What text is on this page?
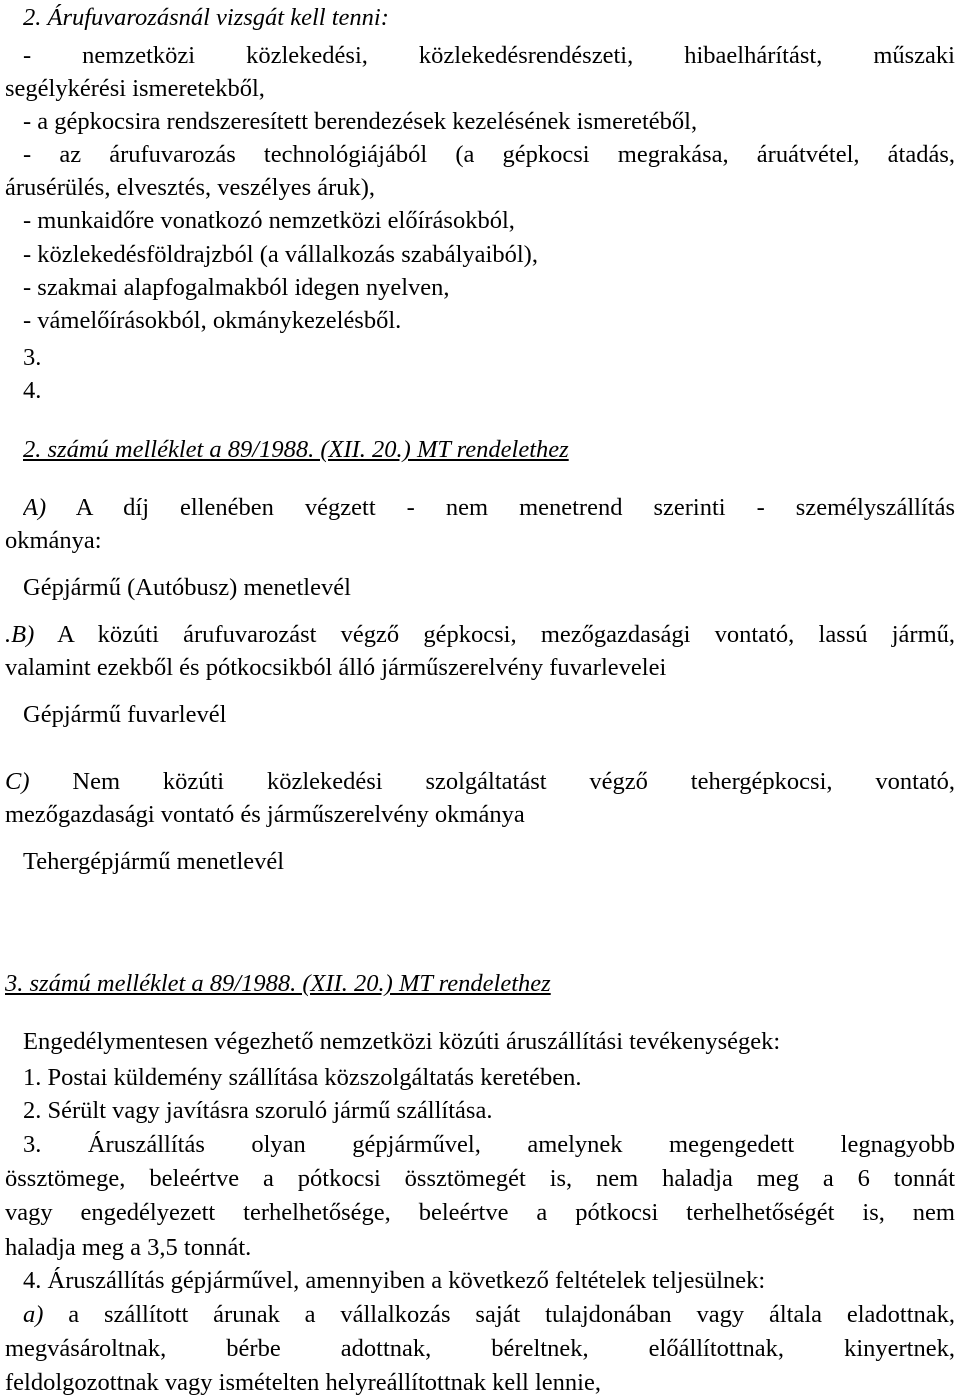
2. Árufuvarozásnál vizsgát kell tenni:
- nemzetközi közlekedési, közlekedésrendészeti, hibaelhárítást, műszaki
segélykérési ismeretekből,
- a gépkocsira rendszeresített berendezések kezelésének ismeretéből,
- az árufuvarozás technológiájából (a gépkocsi megrakása, áruátvétel, átadás,
árusérülés, elvesztés, veszélyes áruk),
- munkaidőre vonatkozó nemzetközi előírásokból,
- közlekedésföldrajzból (a vállalkozás szabályaiból),
- szakmai alapfogalmakból idegen nyelven,
- vámelőírásokból, okmánykezelésből.
3.
4.
2. számú melléklet a 89/1988. (XII. 20.) MT rendelethez
A) A díj ellenében végzett - nem menetrend szerinti - személyszállítás
okmánya:
Gépjármű (Autóbusz) menetlevél
.B) A közúti árufuvarozást végző gépkocsi, mezőgazdasági vontató, lassú jármű,
valamint ezekből és pótkocsikból álló járműszerelvény fuvarlevelei
Gépjármű fuvarlevél
C) Nem közúti közlekedési szolgáltatást végző tehergépkocsi, vontató,
mezőgazdasági vontató és járműszerelvény okmánya
Tehergépjármű menetlevél
3. számú melléklet a 89/1988. (XII. 20.) MT rendelethez
Engedélymentesen végezhető nemzetközi közúti áruszállítási tevékenységek:
1. Postai küldemény szállítása közszolgáltatás keretében.
2. Sérült vagy javításra szoruló jármű szállítása.
3. Áruszállítás olyan gépjárművel, amelynek megengedett legnagyobb
össztömege, beleértve a pótkocsi össztömegét is, nem haladja meg a 6 tonnát
vagy engedélyezett terhelhetősége, beleértve a pótkocsi terhelhetőségét is, nem
haladja meg a 3,5 tonnát.
4. Áruszállítás gépjárművel, amennyiben a következő feltételek teljesülnek:
a) a szállított árunak a vállalkozás saját tulajdonában vagy általa eladottnak,
megvásároltnak, bérbe adottnak, béreltnek, előállítottnak, kinyertnek,
feldolgozottnak vagy ismételten helyreállítottnak kell lennie,
